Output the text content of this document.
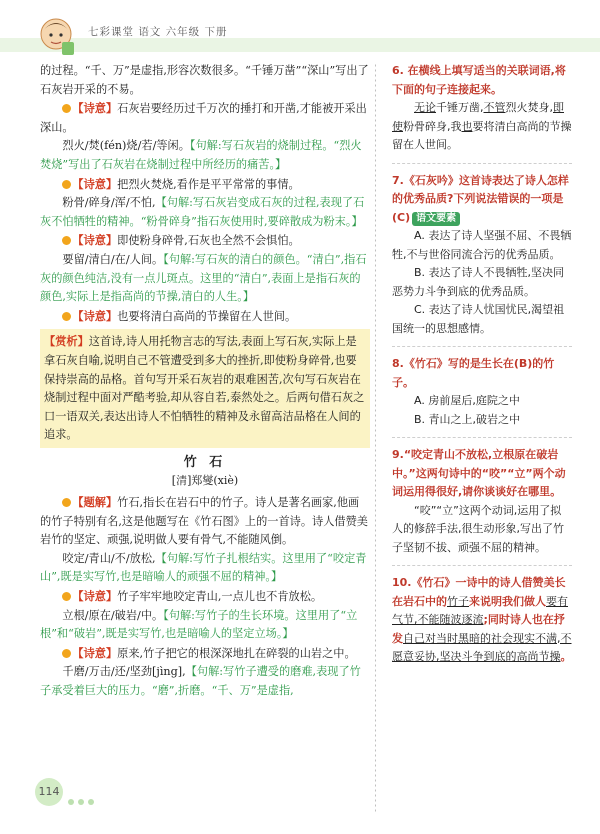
七彩课堂 语文 六年级 下册

的过程。“千、万”是虚指,形容次数很多。“千锤万凿”“深山”写出了石灰岩开采的不易。

【诗意】石灰岩要经历过千万次的捶打和开凿,才能被开采出深山。

烈火/焚(fén)烧/若/等闲。【句解:写石灰岩的烧制过程。“烈火焚烧”写出了石灰岩在烧制过程中所经历的痛苦。】

【诗意】把烈火焚烧,看作是平平常常的事情。

粉骨/碎身/浑/不怕,【句解:写石灰岩变成石灰的过程,表现了石灰不怕牺牲的精神。“粉骨碎身”指石灰使用时,要碎散成为粉末。】

【诗意】即使粉身碎骨,石灰也全然不会惧怕。

要留/清白/在/人间。【句解:写石灰的清白的颜色。“清白”,指石灰的颜色纯洁,没有一点儿斑点。这里的“清白”,表面上是指石灰的颜色,实际上是指高尚的节操,清白的人生。】

【诗意】也要将清白高尚的节操留在人世间。

【赏析】这首诗,诗人用托物言志的写法,表面上写石灰,实际上是拿石灰自喻,说明自己不管遭受到多大的挫折,即使粉身碎骨,也要保持崇高的品格。首句写开采石灰岩的艰难困苦,次句写石灰岩在烧制过程中面对严酷考验,却从容自若,泰然处之。后两句借石灰之口一语双关,表达出诗人不怕牺牲的精神及永留高洁品格在人间的追求。
竹 石
[清]郑燮(xiè)

【题解】竹石,指长在岩石中的竹子。诗人是著名画家,他画的竹子特别有名,这是他题写在《竹石图》上的一首诗。诗人借赞美岩竹的坚定、顽强,说明做人要有骨气,不能随风倒。

咬定/青山/不/放松,【句解:写竹子扎根结实。这里用了“咬定青山”,既是实写竹,也是暗喻人的顽强不屈的精神。】

【诗意】竹子牢牢地咬定青山,一点儿也不肯放松。

立根/原在/破岩/中。【句解:写竹子的生长环境。这里用了“立根”和“破岩”,既是实写竹,也是暗喻人的坚定立场。】

【诗意】原来,竹子把它的根深深地扎在碎裂的山岩之中。

千磨/万击/还/坚劲[jìng],【句解:写竹子遭受的磨难,表现了竹子承受着巨大的压力。“磨”,折磨。“千、万”是虚指,

6. 在横线上填写适当的关联词语,将下面的句子连接起来。

无论千锤万凿,不管烈火焚身,即使粉骨碎身,我也要将清白高尚的节操留在人世间。

7.《石灰吟》这首诗表达了诗人怎样的优秀品质?下列说法错误的一项是(C) 语文要素

A. 表达了诗人坚强不屈、不畏牺牲,不与世俗同流合污的优秀品质。

B. 表达了诗人不畏牺牲,坚决同恶势力斗争到底的优秀品质。

C. 表达了诗人忧国忧民,渴望祖国统一的思想感情。

8.《竹石》写的是生长在(B)的竹子。

A. 房前屋后,庭院之中

B. 青山之上,破岩之中

9.“咬定青山不放松,立根原在破岩中。”这两句诗中的“咬”“立”两个动词运用得很好,请你谈谈好在哪里。

“咬”“立”这两个动词,运用了拟人的修辞手法,很生动形象,写出了竹子坚韧不拔、顽强不屈的精神。

10.《竹石》一诗中的诗人借赞美长在岩石中的竹子来说明我们做人要有气节,不能随波逐流;同时诗人也在抒发自己对当时黑暗的社会现实不满,不愿意妥协,坚决斗争到底的高尚节操。

114
